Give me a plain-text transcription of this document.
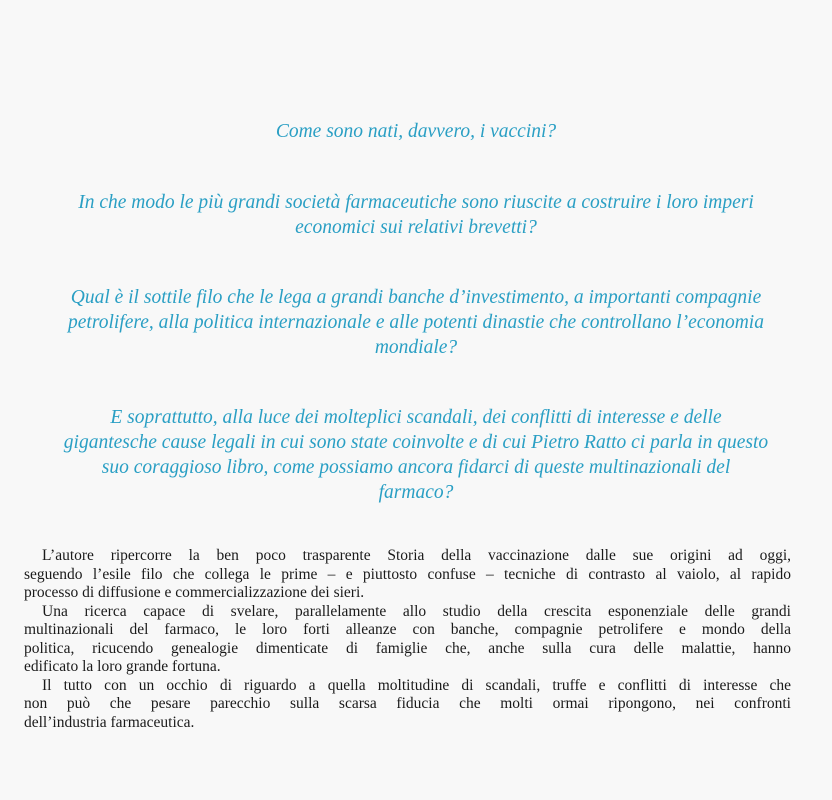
Come sono nati, davvero, i vaccini?
In che modo le più grandi società farmaceutiche sono riuscite a costruire i loro imperi
economici sui relativi brevetti?
Qual è il sottile filo che le lega a grandi banche d’investimento, a importanti compagnie
petrolifere, alla politica internazionale e alle potenti dinastie che controllano l’economia
mondiale?
E soprattutto, alla luce dei molteplici scandali, dei conflitti di interesse e delle
gigantesche cause legali in cui sono state coinvolte e di cui Pietro Ratto ci parla in questo
suo coraggioso libro, come possiamo ancora fidarci di queste multinazionali del
farmaco?
L’autore ripercorre la ben poco trasparente Storia della vaccinazione dalle sue origini ad oggi,
seguendo l’esile filo che collega le prime – e piuttosto confuse – tecniche di contrasto al vaiolo, al rapido
processo di diffusione e commercializzazione dei sieri.
Una ricerca capace di svelare, parallelamente allo studio della crescita esponenziale delle grandi
multinazionali del farmaco, le loro forti alleanze con banche, compagnie petrolifere e mondo della
politica, ricucendo genealogie dimenticate di famiglie che, anche sulla cura delle malattie, hanno
edificato la loro grande fortuna.
Il tutto con un occhio di riguardo a quella moltitudine di scandali, truffe e conflitti di interesse che
non può che pesare parecchio sulla scarsa fiducia che molti ormai ripongono, nei confronti
dell’industria farmaceutica.
